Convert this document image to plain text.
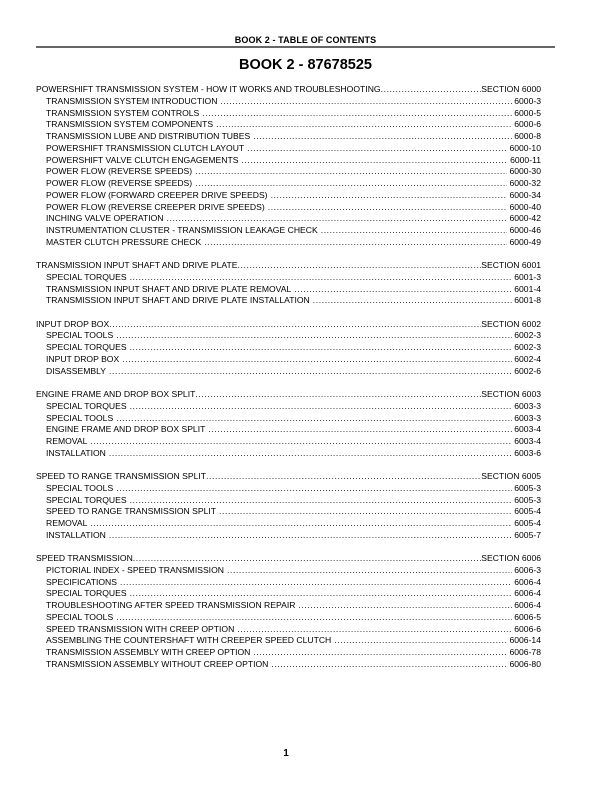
BOOK 2 - TABLE OF CONTENTS
BOOK 2 - 87678525
POWERSHIFT TRANSMISSION SYSTEM - HOW IT WORKS AND TROUBLESHOOTING .....	SECTION 6000
TRANSMISSION SYSTEM INTRODUCTION .....	6000-3
TRANSMISSION SYSTEM CONTROLS .....	6000-5
TRANSMISSION SYSTEM COMPONENTS .....	6000-6
TRANSMISSION LUBE AND DISTRIBUTION TUBES .....	6000-8
POWERSHIFT TRANSMISSION CLUTCH LAYOUT .....	6000-10
POWERSHIFT VALVE CLUTCH ENGAGEMENTS .....	6000-11
POWER FLOW (REVERSE SPEEDS) .....	6000-30
POWER FLOW (REVERSE SPEEDS) .....	6000-32
POWER FLOW (FORWARD CREEPER DRIVE SPEEDS) .....	6000-34
POWER FLOW (REVERSE CREEPER DRIVE SPEEDS) .....	6000-40
INCHING VALVE OPERATION .....	6000-42
INSTRUMENTATION CLUSTER - TRANSMISSION LEAKAGE CHECK .....	6000-46
MASTER CLUTCH PRESSURE CHECK .....	6000-49
TRANSMISSION INPUT SHAFT AND DRIVE PLATE .....	SECTION 6001
SPECIAL TORQUES .....	6001-3
TRANSMISSION INPUT SHAFT AND DRIVE PLATE REMOVAL .....	6001-4
TRANSMISSION INPUT SHAFT AND DRIVE PLATE INSTALLATION .....	6001-8
INPUT DROP BOX .....	SECTION 6002
SPECIAL TOOLS .....	6002-3
SPECIAL TORQUES .....	6002-3
INPUT DROP BOX .....	6002-4
DISASSEMBLY .....	6002-6
ENGINE FRAME AND DROP BOX SPLIT .....	SECTION 6003
SPECIAL TORQUES .....	6003-3
SPECIAL TOOLS .....	6003-3
ENGINE FRAME AND DROP BOX SPLIT .....	6003-4
REMOVAL .....	6003-4
INSTALLATION .....	6003-6
SPEED TO RANGE TRANSMISSION SPLIT .....	SECTION 6005
SPECIAL TOOLS .....	6005-3
SPECIAL TORQUES .....	6005-3
SPEED TO RANGE TRANSMISSION SPLIT .....	6005-4
REMOVAL .....	6005-4
INSTALLATION .....	6005-7
SPEED TRANSMISSION .....	SECTION 6006
PICTORIAL INDEX - SPEED TRANSMISSION .....	6006-3
SPECIFICATIONS .....	6006-4
SPECIAL TORQUES .....	6006-4
TROUBLESHOOTING AFTER SPEED TRANSMISSION REPAIR .....	6006-4
SPECIAL TOOLS .....	6006-5
SPEED TRANSMISSION WITH CREEP OPTION .....	6006-6
ASSEMBLING THE COUNTERSHAFT WITH CREEPER SPEED CLUTCH .....	6006-14
TRANSMISSION ASSEMBLY WITH CREEP OPTION .....	6006-78
TRANSMISSION ASSEMBLY WITHOUT CREEP OPTION .....	6006-80
1
